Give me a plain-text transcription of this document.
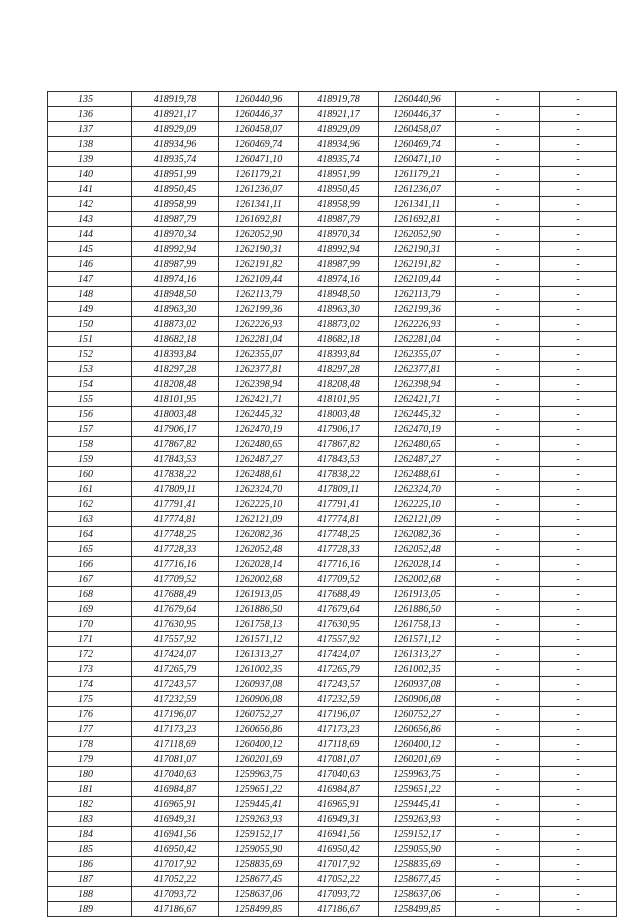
135	418919,78	1260440,96	418919,78	1260440,96	-	-
136	418921,17	1260446,37	418921,17	1260446,37	-	-
137	418929,09	1260458,07	418929,09	1260458,07	-	-
138	418934,96	1260469,74	418934,96	1260469,74	-	-
139	418935,74	1260471,10	418935,74	1260471,10	-	-
140	418951,99	1261179,21	418951,99	1261179,21	-	-
141	418950,45	1261236,07	418950,45	1261236,07	-	-
142	418958,99	1261341,11	418958,99	1261341,11	-	-
143	418987,79	1261692,81	418987,79	1261692,81	-	-
144	418970,34	1262052,90	418970,34	1262052,90	-	-
145	418992,94	1262190,31	418992,94	1262190,31	-	-
146	418987,99	1262191,82	418987,99	1262191,82	-	-
147	418974,16	1262109,44	418974,16	1262109,44	-	-
148	418948,50	1262113,79	418948,50	1262113,79	-	-
149	418963,30	1262199,36	418963,30	1262199,36	-	-
150	418873,02	1262226,93	418873,02	1262226,93	-	-
151	418682,18	1262281,04	418682,18	1262281,04	-	-
152	418393,84	1262355,07	418393,84	1262355,07	-	-
153	418297,28	1262377,81	418297,28	1262377,81	-	-
154	418208,48	1262398,94	418208,48	1262398,94	-	-
155	418101,95	1262421,71	418101,95	1262421,71	-	-
156	418003,48	1262445,32	418003,48	1262445,32	-	-
157	417906,17	1262470,19	417906,17	1262470,19	-	-
158	417867,82	1262480,65	417867,82	1262480,65	-	-
159	417843,53	1262487,27	417843,53	1262487,27	-	-
160	417838,22	1262488,61	417838,22	1262488,61	-	-
161	417809,11	1262324,70	417809,11	1262324,70	-	-
162	417791,41	1262225,10	417791,41	1262225,10	-	-
163	417774,81	1262121,09	417774,81	1262121,09	-	-
164	417748,25	1262082,36	417748,25	1262082,36	-	-
165	417728,33	1262052,48	417728,33	1262052,48	-	-
166	417716,16	1262028,14	417716,16	1262028,14	-	-
167	417709,52	1262002,68	417709,52	1262002,68	-	-
168	417688,49	1261913,05	417688,49	1261913,05	-	-
169	417679,64	1261886,50	417679,64	1261886,50	-	-
170	417630,95	1261758,13	417630,95	1261758,13	-	-
171	417557,92	1261571,12	417557,92	1261571,12	-	-
172	417424,07	1261313,27	417424,07	1261313,27	-	-
173	417265,79	1261002,35	417265,79	1261002,35	-	-
174	417243,57	1260937,08	417243,57	1260937,08	-	-
175	417232,59	1260906,08	417232,59	1260906,08	-	-
176	417196,07	1260752,27	417196,07	1260752,27	-	-
177	417173,23	1260656,86	417173,23	1260656,86	-	-
178	417118,69	1260400,12	417118,69	1260400,12	-	-
179	417081,07	1260201,69	417081,07	1260201,69	-	-
180	417040,63	1259963,75	417040,63	1259963,75	-	-
181	416984,87	1259651,22	416984,87	1259651,22	-	-
182	416965,91	1259445,41	416965,91	1259445,41	-	-
183	416949,31	1259263,93	416949,31	1259263,93	-	-
184	416941,56	1259152,17	416941,56	1259152,17	-	-
185	416950,42	1259055,90	416950,42	1259055,90	-	-
186	417017,92	1258835,69	417017,92	1258835,69	-	-
187	417052,22	1258677,45	417052,22	1258677,45	-	-
188	417093,72	1258637,06	417093,72	1258637,06	-	-
189	417186,67	1258499,85	417186,67	1258499,85	-	-
